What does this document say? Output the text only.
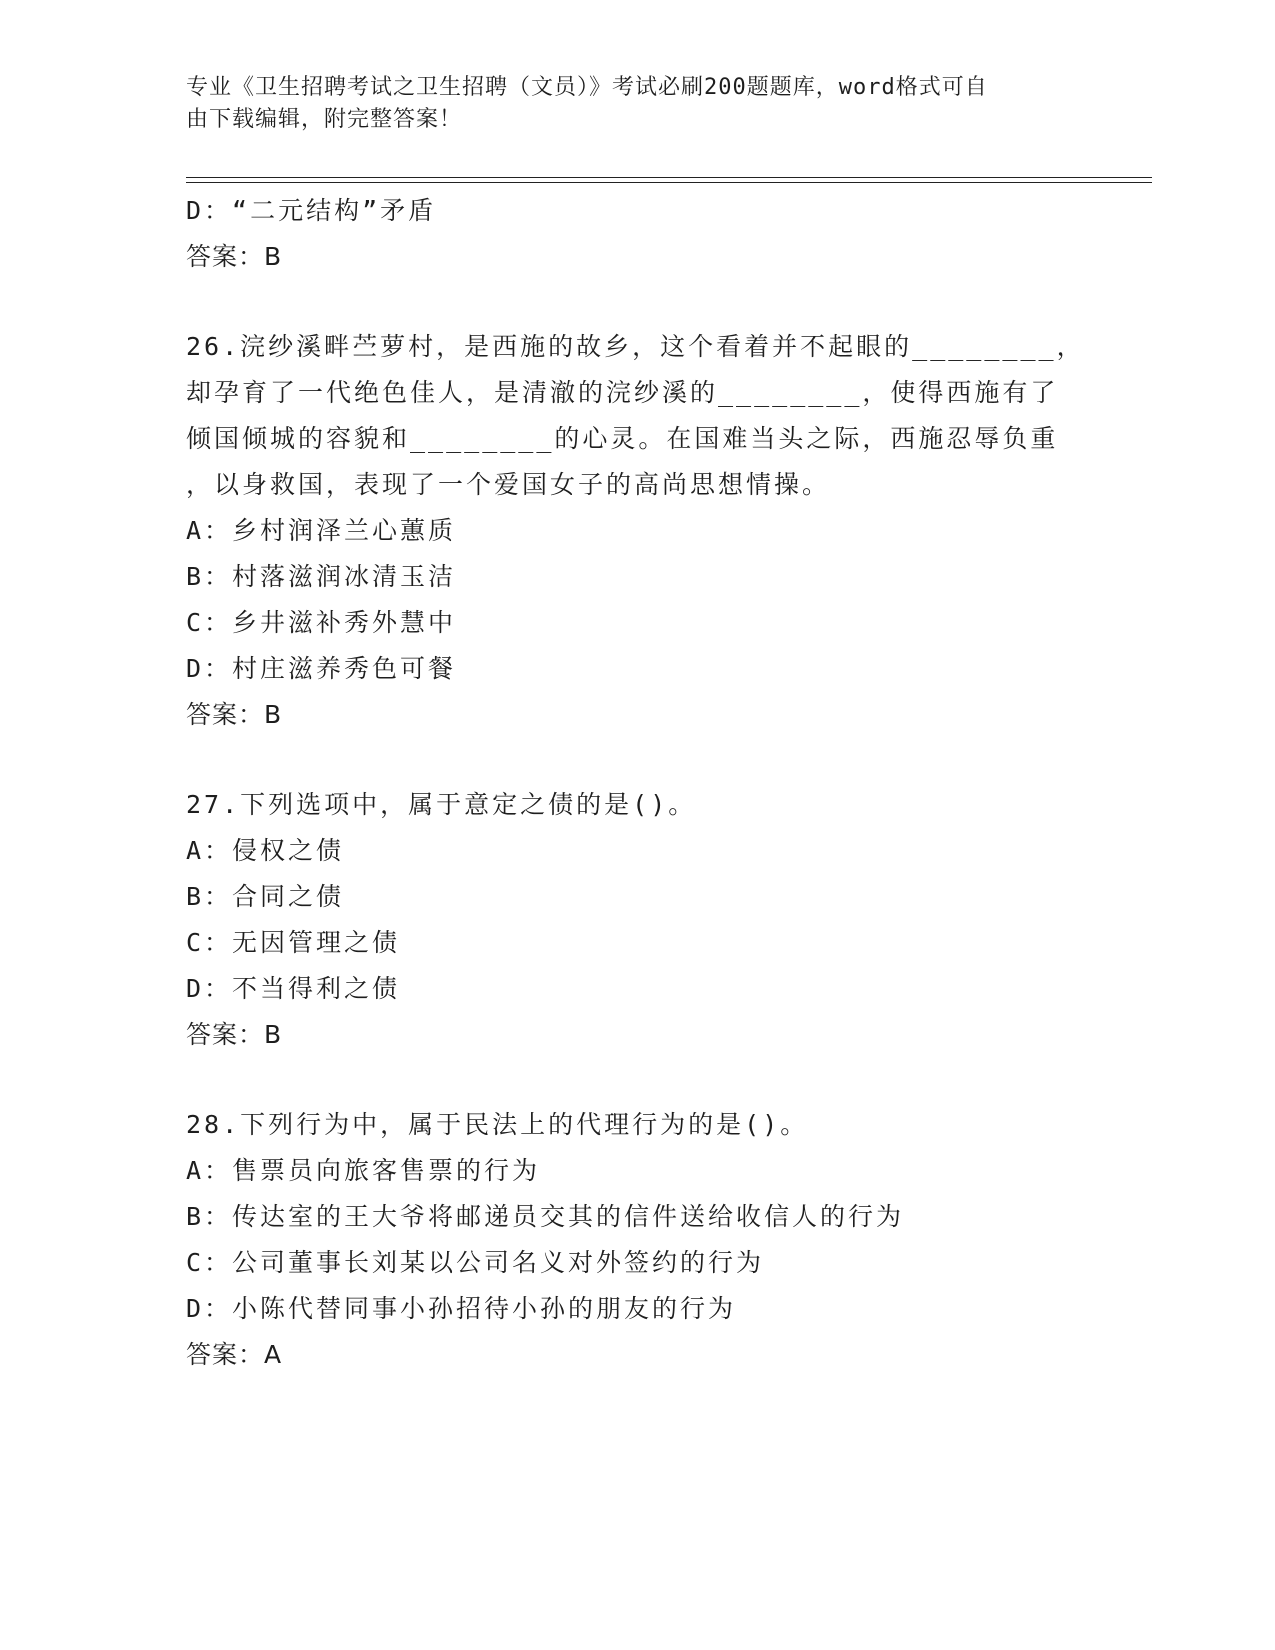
专业《卫生招聘考试之卫生招聘（文员）》考试必刷200题题库，word格式可自
由下载编辑，附完整答案！
D：“二元结构”矛盾
答案：B
26.浣纱溪畔苎萝村，是西施的故乡，这个看着并不起眼的________，
却孕育了一代绝色佳人，是清澈的浣纱溪的________，使得西施有了
倾国倾城的容貌和________的心灵。在国难当头之际，西施忍辱负重
，以身救国，表现了一个爱国女子的高尚思想情操。
A：乡村润泽兰心蕙质
B：村落滋润冰清玉洁
C：乡井滋补秀外慧中
D：村庄滋养秀色可餐
答案：B
27.下列选项中，属于意定之债的是()。
A：侵权之债
B：合同之债
C：无因管理之债
D：不当得利之债
答案：B
28.下列行为中，属于民法上的代理行为的是()。
A：售票员向旅客售票的行为
B：传达室的王大爷将邮递员交其的信件送给收信人的行为
C：公司董事长刘某以公司名义对外签约的行为
D：小陈代替同事小孙招待小孙的朋友的行为
答案：A
